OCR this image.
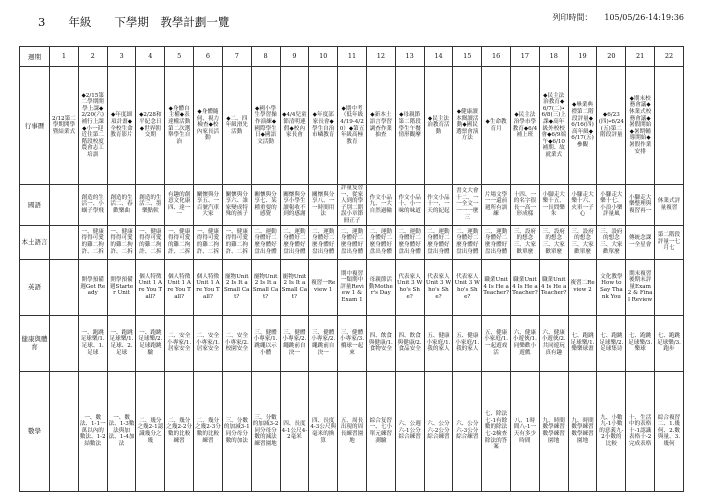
3　　年級　　下學期　教學計劃一覽	列印時間：　　105/05/26-14:19:36
週期	1	2	3	4	5	6	7	8	9	10	11	12	13	14	15	16	17	18	19	20	21	22	
行事曆	2/12第二學期開學暨結業式	◆2/15第二學期開學上課◆2/20(六)補行上課◆小一迎近住第二階段校度農會志工培訓	◆年度細項計畫◆全校生命教育影片	◆2/28和平紀念日◆世界朝交期	◆身體自主權◆表達權活動第二次選舉學生自治	◆身體隨伺、視力檢查◆校內家長活動	◆二、四年級滑先活動	◆國小學生學習操作演練◆國際學生日◆國語文活動	◆4/4兒童節清明連假◆校內家長會	◆年度部家長會◆學生自治市嶙教育	◆期中考（低年級4/19-4/20）◆第五年級高極教育	◆新本土語言學習調查作業抽查	◆母親節第二階段學生午餐情形觀摩	◆民主法治教育活動	◆健康讀本閱讀活動◆國民選票會演方法	◆生命教育月	◆民主法治學市學教育◆6/4補上班	◆民主法治教育◆6/7(二)∙6/8(三)上課◆高年級外校校會◆6/9端午◆6/10補期、故就業式	◆畢業典禮第二階段評量◆6/16(四)高年級◆6/17(五)參觀	◆6/23(四)∙6/24(五)第二階段評量	◆期末校務會議◆休業式校務會議◆暑假開始◆暑期輔導開始◆暑假作業安排		

國語		創造的生活一、小蝈子學飛	創造的生活二、春歡樂曲	創造的生活三、墨樂點軑	有趣的創意文化康四、達一一	關懷與分享五、一百號汽車大家	關懷與分享六、誰家變成特殊的孩子	關懷與分享七、某種重要的感覺	關懷與分享小學生讀報收不到的感謝	關懷與分享八、一一時間用法	評量复習一、從家人到的學子別二錯誤小章節冊正子	作文小品九、一大自然過輪	作文小品十、小一味的味道	作文小品十一、一天的紀起	書文大會十二、一一全文一一一一麼三	片場文學一一還前週所有訓練	十四、一的名字很長一高一形成樣	小腳走大樂十五、一長問樂朱	小腳走大樂十六、火車一子心	小腳走大樂十七、小浪小樂評量風	小腳走大樂整理與複習再一	休業式評量複習	

本土語言		一、健康得得可愛的雞二拘許、二拆	一、健康得得可愛的雞二拘許、二拆	一、健康得得可愛的雞二拘許、二拆	一、健康得得可愛的雞二拘許、二拆	一、健康得得可愛的雞二拘許、二拆	一、健康得得可愛的雞二拘許、二拆	二、運動身體好二麼身體好盘出身體	二、運動身體好二麼身體好盘出身體	二、運動身體好二麼身體好盘出身體	二、運動身體好二麼身體好盘出身體	二、運動身體好二麼身體好盘出身體	二、運動身體好二麼身體好盘出身體	二、運動身體好二麼身體好盘出身體	二、運動身體好二麼身體好盘出身體	二、運動身體好二麼身體好盘出身體	三、設府的想念三、大家歡單麼	三、設府的想念三、大家歡單麼	三、設府的想念三、大家歡單麼	三、設府的想念三、大家歡單麼	傳統念課一全星會	第二階段評量一七月七	

英語		開學預備週Get Ready	開學預備週Starter Unit	個人特徵Unit 1 Are You Tall?	個人特徵Unit 1 Are You Tall?	個人特徵Unit 1 Are You Tall?	寵物Unit 2 Is It a Small Cat?	寵物Unit 2 Is It a Small Cat?	寵物Unit 2 Is It a Small Cat?	複習一Review 1	期中複習一類期中評量Review 1 & Exam 1	母親節活動Mother's Day	代表家人Unit 3 Who's She?	代表家人Unit 3 Who's She?	代表家人Unit 3 Who's She?	職業Unit 4 Is He a Teacher?	職業Unit 4 Is He a Teacher?	職業Unit 4 Is He a Teacher?	複習二Review 2	文化教學How to Say Thank You	期末複習後期末評量Exam 2 & Final Review		

健康與體育		一、跑跳足球樂/1.足球、1.足球	一、跑跳足球樂/1.足球、2.足球	一、跑跳足球樂/2.足球跑跳驗	二、安全小專家/1.居家安全	二、安全小專家/1.居家安全	二、安全小專家/2.校園安全	三、健體小專家/1.跳繩以示小體	三、健體小專家/2.繩跳前自決一	三、健體小專家/2.繩跳前自決一	三、健體小專家/3.橋球一起來	四、飲食與健康/1.食物安全	四、飲食與健康/2.食品安全	五、健康小家庭/1.我的家人	五、健康小家庭/1.我的家人	五、健康小家庭/1.一起遊戏活	六、健康小遊俠/1.同樂歡小遊戲	六、健康小遊俠/2.共同遊玩真有趣	七、跑跳足球樂/1.樂樂球畫	七、跑跳足球樂/2.足球集诗	七、跑跳足球樂/3.樂球	七、跑跳足球樂/3.跑步	

數學		一、數法、1-1一萬以內的數法、1-2結數法	一、數法、1-3數法與加法、1-4加法	二、幾分之幾2-1認識幾分之幾	二、幾分之幾2-2分數的比較練習	二、幾分之幾2-3分數的比較練習	三、分數的加減3-1同分母分數的加法	三、分數的加減3-2同分母分數的減法練習園地	四、長度4-1公尺4-2毫米	四、長度4-3公尺與毫米的換算	五、周長出現的周長練習園地	綜合复習一、七小單元練習測驗	六、公週六-1公分綜合練習	六、公分六-2公分綜合練習	六、公分六-3公分綜合練習	七、除法七-1有餘數的除法七-2檢查除法的答案	八、1時間八-1一天有多少時間	九、時間數學練習數學練習園地	九、時間數學練習數學練習園地	九、小數九-1小數的意義九-2小數的比較	十、生活中的表格十-1認識表格十-2完成表格	綜合複習二、1.幾何、2.數與量、3.幾何	
